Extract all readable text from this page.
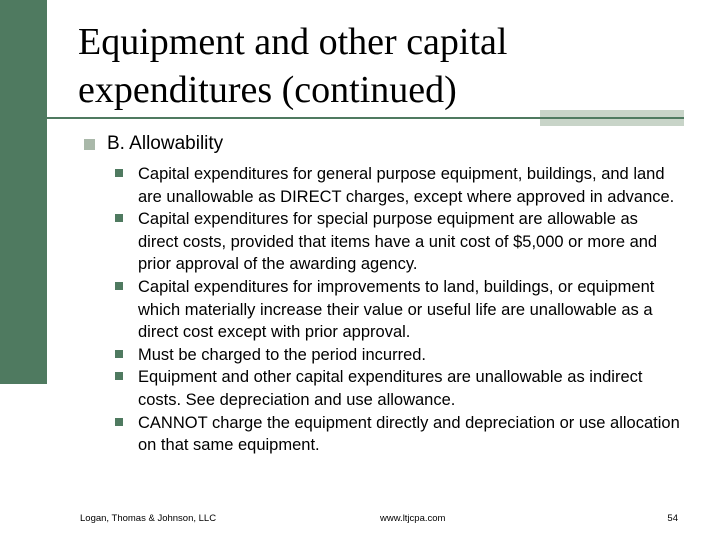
Equipment and other capital
expenditures (continued)
B. Allowability
Capital expenditures for general purpose equipment, buildings, and land are unallowable as DIRECT charges, except where approved in advance.
Capital expenditures for special purpose equipment are allowable as direct costs, provided that items have a unit cost of $5,000 or more and prior approval of the awarding agency.
Capital expenditures for improvements to land, buildings, or equipment which materially increase their value or useful life are unallowable as a direct cost except with prior approval.
Must be charged to the period incurred.
Equipment and other capital expenditures are unallowable as indirect costs. See depreciation and use allowance.
CANNOT charge the equipment directly and depreciation or use allocation on that same equipment.
Logan, Thomas & Johnson, LLC	www.ltjcpa.com	54
